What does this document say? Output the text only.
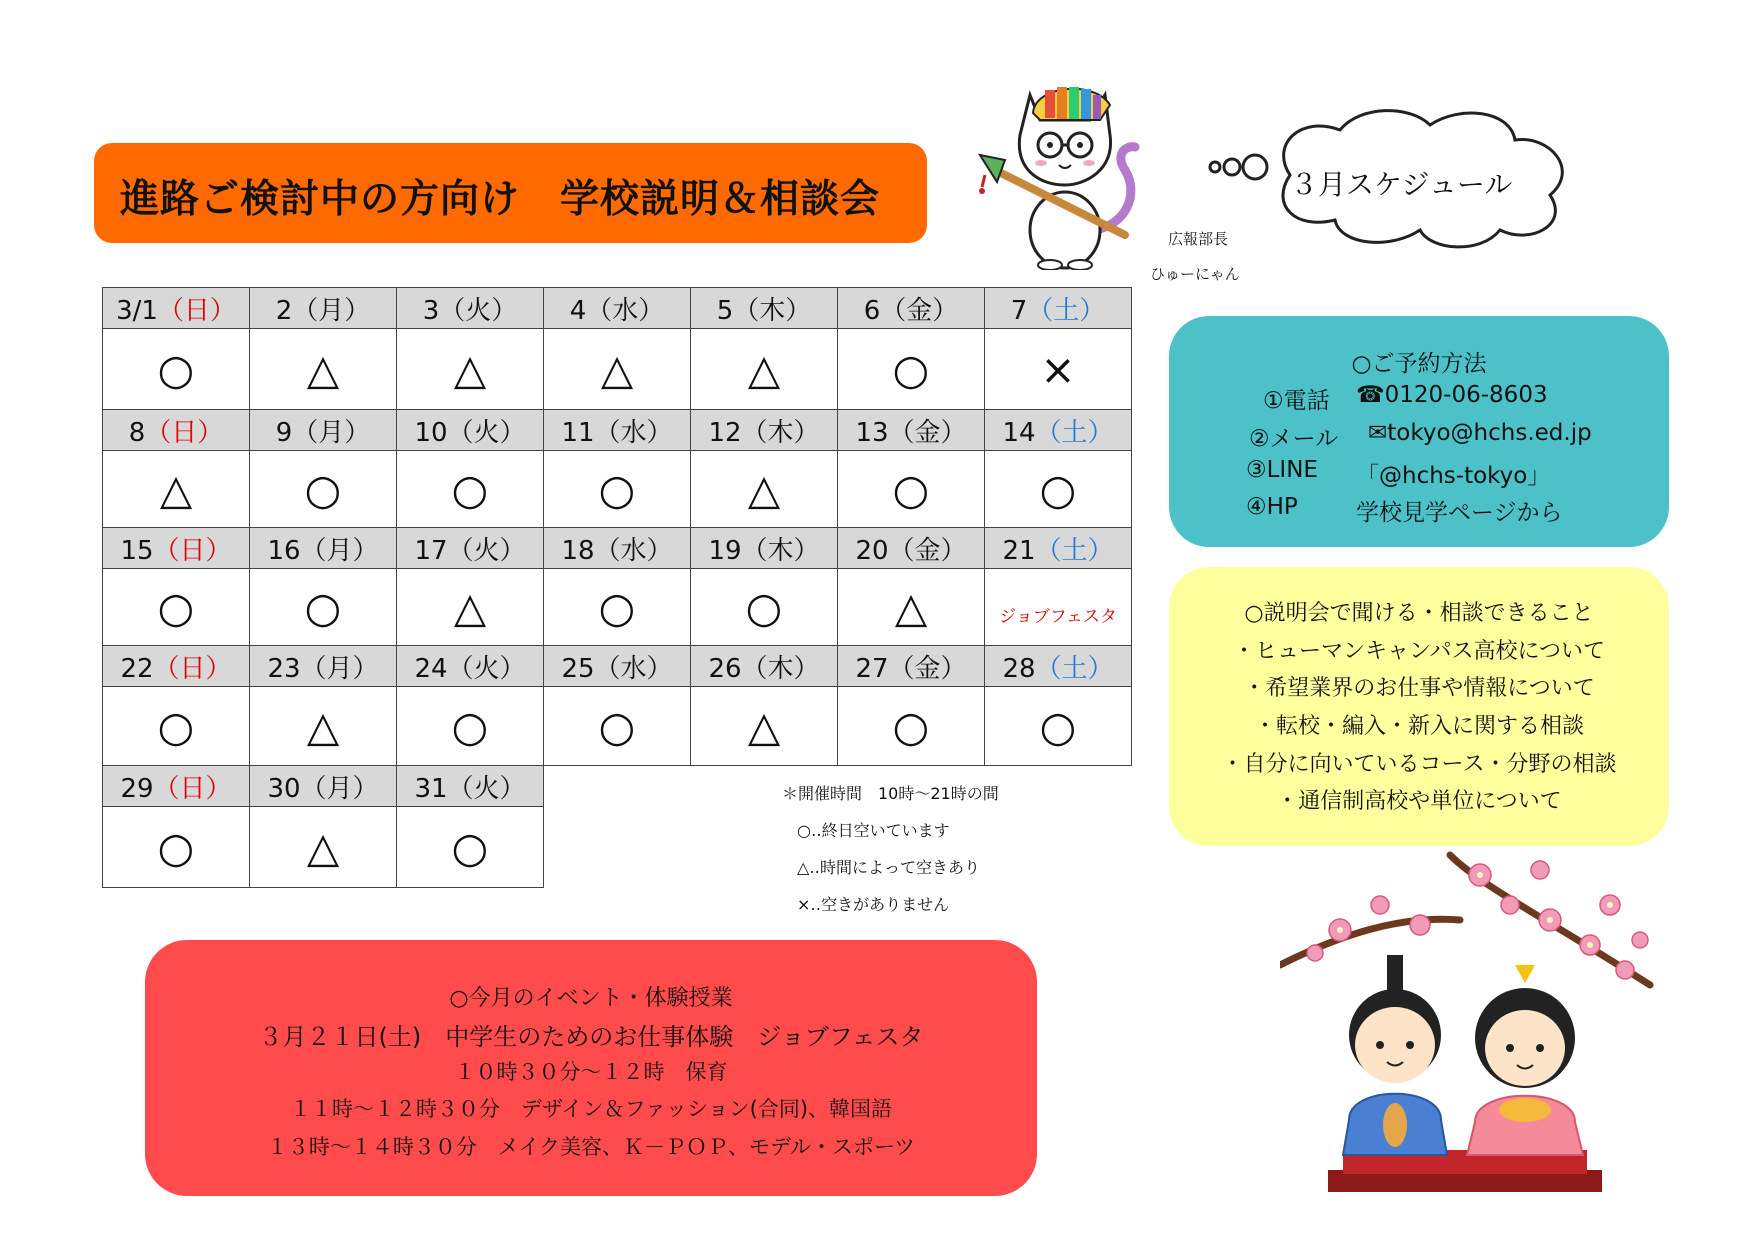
進路ご検討中の方向け　学校説明＆相談会
広報部長
ひゅーにゃん
３月スケジュール
3/1（日）	2（月）	3（火）	4（水）	5（木）	6（金）	7（土）
○	△	△	△	△	○	×
8（日）	9（月）	10（火）	11（水）	12（木）	13（金）	14（土）
△	○	○	○	△	○	○
15（日）	16（月）	17（火）	18（水）	19（木）	20（金）	21（土）
○	○	△	○	○	△	ジョブフェスタ
22（日）	23（月）	24（火）	25（水）	26（木）	27（金）	28（土）
○	△	○	○	△	○	○
29（日）	30（月）	31（火）				
○	△	○				
＊開催時間　10時～21時の間
○‥終日空いています
△‥時間によって空きあり
×‥空きがありません
○ご予約方法
①電話 ☎0120-06-8603
②メール ✉tokyo@hchs.ed.jp
③LINE 「@hchs-tokyo」
④HP	学校見学ページから
○説明会で聞ける・相談できること
・ヒューマンキャンパス高校について
・希望業界のお仕事や情報について
・転校・編入・新入に関する相談
・自分に向いているコース・分野の相談
・通信制高校や単位について
○今月のイベント・体験授業
３月２１日(土)　中学生のためのお仕事体験　ジョブフェスタ
１０時３０分～１２時　保育
１１時～１２時３０分　デザイン＆ファッション(合同)、韓国語
１３時～１４時３０分　メイク美容、Ｋ－ＰＯＰ、モデル・スポーツ
